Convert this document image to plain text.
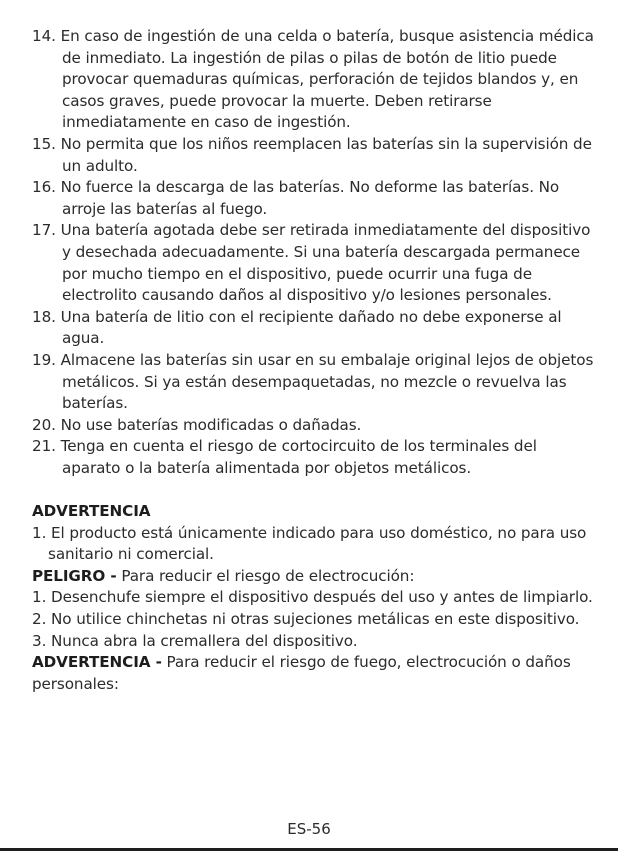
14. En caso de ingestión de una celda o batería, busque asistencia médica de inmediato. La ingestión de pilas o pilas de botón de litio puede provocar quemaduras químicas, perforación de tejidos blandos y, en casos graves, puede provocar la muerte. Deben retirarse inmediatamente en caso de ingestión.
15. No permita que los niños reemplacen las baterías sin la supervisión de un adulto.
16. No fuerce la descarga de las baterías. No deforme las baterías. No arroje las baterías al fuego.
17. Una batería agotada debe ser retirada inmediatamente del dispositivo y desechada adecuadamente. Si una batería descargada permanece por mucho tiempo en el dispositivo, puede ocurrir una fuga de electrolito causando daños al dispositivo y/o lesiones personales.
18. Una batería de litio con el recipiente dañado no debe exponerse al agua.
19. Almacene las baterías sin usar en su embalaje original lejos de objetos metálicos. Si ya están desempaquetadas, no mezcle o revuelva las baterías.
20. No use baterías modificadas o dañadas.
21. Tenga en cuenta el riesgo de cortocircuito de los terminales del aparato o la batería alimentada por objetos metálicos.

ADVERTENCIA

1. El producto está únicamente indicado para uso doméstico, no para uso sanitario ni comercial.

PELIGRO - Para reducir el riesgo de electrocución:

1. Desenchufe siempre el dispositivo después del uso y antes de limpiarlo.
2. No utilice chinchetas ni otras sujeciones metálicas en este dispositivo.
3. Nunca abra la cremallera del dispositivo.

ADVERTENCIA - Para reducir el riesgo de fuego, electrocución o daños personales:

ES-56
